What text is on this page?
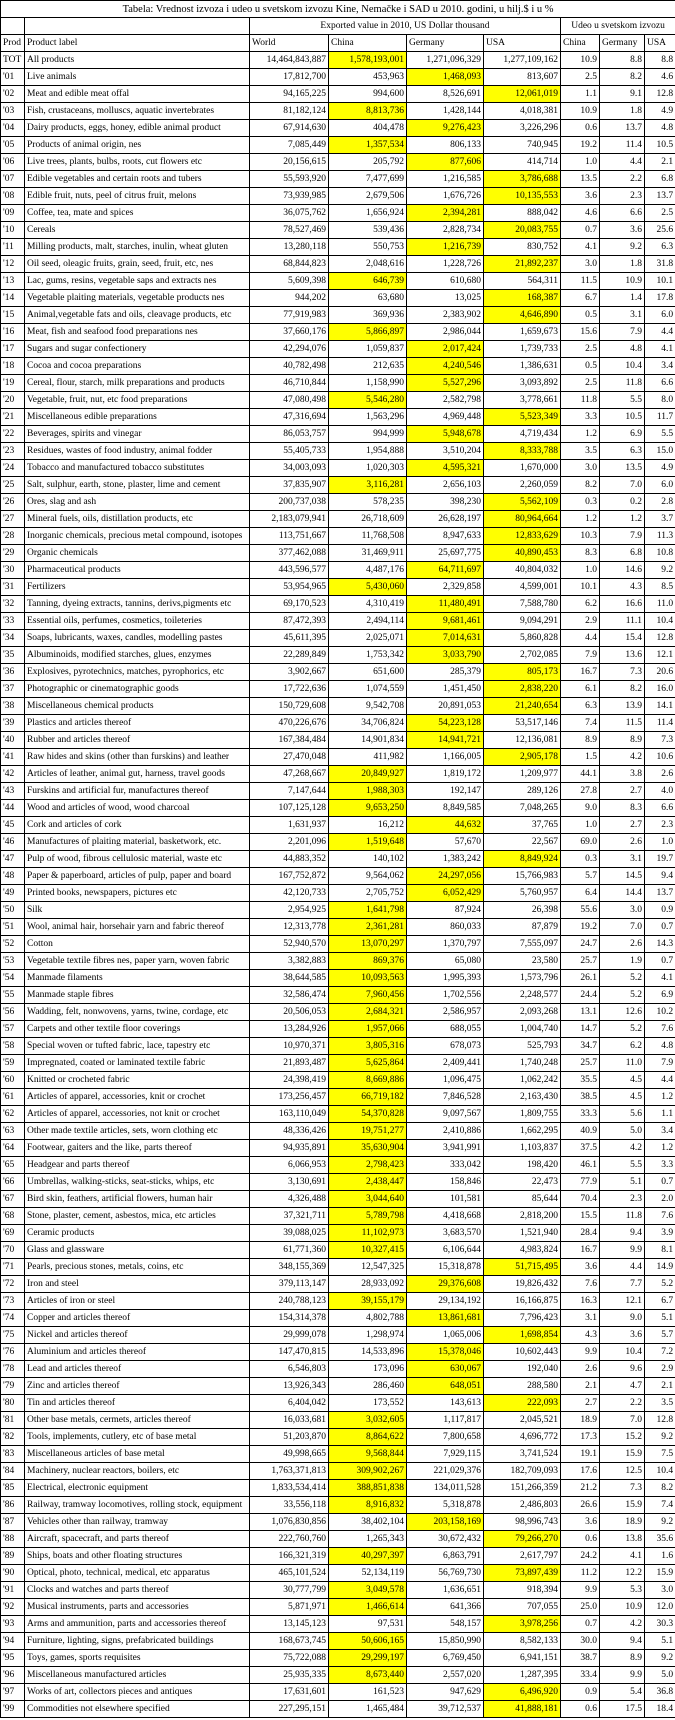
Tabela: Vrednost izvoza i udeo u svetskom izvozu Kine, Nemačke i SAD u 2010. godini, u hilj.$ i u %								
		Exported value in 2010, US Dollar thousand				Udeo u svetskom izvozu		
Prod	Product label	World	China	Germany	USA	China	Germany	USA
TOT	All products	14,464,843,887	1,578,193,001	1,271,096,329	1,277,109,162	10.9	8.8	8.8
'01	Live animals	17,812,700	453,963	1,468,093	813,607	2.5	8.2	4.6
'02	Meat and edible meat offal	94,165,225	994,600	8,526,691	12,061,019	1.1	9.1	12.8
'03	Fish, crustaceans, molluscs, aquatic invertebrates	81,182,124	8,813,736	1,428,144	4,018,381	10.9	1.8	4.9
'04	Dairy products, eggs, honey, edible animal product	67,914,630	404,478	9,276,423	3,226,296	0.6	13.7	4.8
'05	Products of animal origin, nes	7,085,449	1,357,534	806,133	740,945	19.2	11.4	10.5
'06	Live trees, plants, bulbs, roots, cut flowers etc	20,156,615	205,792	877,606	414,714	1.0	4.4	2.1
'07	Edible vegetables and certain roots and tubers	55,593,920	7,477,699	1,216,585	3,786,688	13.5	2.2	6.8
'08	Edible fruit, nuts, peel of citrus fruit, melons	73,939,985	2,679,506	1,676,726	10,135,553	3.6	2.3	13.7
'09	Coffee, tea, mate and spices	36,075,762	1,656,924	2,394,281	888,042	4.6	6.6	2.5
'10	Cereals	78,527,469	539,436	2,828,734	20,083,755	0.7	3.6	25.6
'11	Milling products, malt, starches, inulin, wheat gluten	13,280,118	550,753	1,216,739	830,752	4.1	9.2	6.3
'12	Oil seed, oleagic fruits, grain, seed, fruit, etc, nes	68,844,823	2,048,616	1,228,726	21,892,237	3.0	1.8	31.8
'13	Lac, gums, resins, vegetable saps and extracts nes	5,609,398	646,739	610,680	564,311	11.5	10.9	10.1
'14	Vegetable plaiting materials, vegetable products nes	944,202	63,680	13,025	168,387	6.7	1.4	17.8
'15	Animal,vegetable fats and oils, cleavage products, etc	77,919,983	369,936	2,383,902	4,646,890	0.5	3.1	6.0
'16	Meat, fish and seafood food preparations nes	37,660,176	5,866,897	2,986,044	1,659,673	15.6	7.9	4.4
'17	Sugars and sugar confectionery	42,294,076	1,059,837	2,017,424	1,739,733	2.5	4.8	4.1
'18	Cocoa and cocoa preparations	40,782,498	212,635	4,240,546	1,386,631	0.5	10.4	3.4
'19	Cereal, flour, starch, milk preparations and products	46,710,844	1,158,990	5,527,296	3,093,892	2.5	11.8	6.6
'20	Vegetable, fruit, nut, etc food preparations	47,080,498	5,546,280	2,582,798	3,778,661	11.8	5.5	8.0
'21	Miscellaneous edible preparations	47,316,694	1,563,296	4,969,448	5,523,349	3.3	10.5	11.7
'22	Beverages, spirits and vinegar	86,053,757	994,999	5,948,678	4,719,434	1.2	6.9	5.5
'23	Residues, wastes of food industry, animal fodder	55,405,733	1,954,888	3,510,204	8,333,788	3.5	6.3	15.0
'24	Tobacco and manufactured tobacco substitutes	34,003,093	1,020,303	4,595,321	1,670,000	3.0	13.5	4.9
'25	Salt, sulphur, earth, stone, plaster, lime and cement	37,835,907	3,116,281	2,656,103	2,260,059	8.2	7.0	6.0
'26	Ores, slag and ash	200,737,038	578,235	398,230	5,562,109	0.3	0.2	2.8
'27	Mineral fuels, oils, distillation products, etc	2,183,079,941	26,718,609	26,628,197	80,964,664	1.2	1.2	3.7
'28	Inorganic chemicals, precious metal compound, isotopes	113,751,667	11,768,508	8,947,633	12,833,629	10.3	7.9	11.3
'29	Organic chemicals	377,462,088	31,469,911	25,697,775	40,890,453	8.3	6.8	10.8
'30	Pharmaceutical products	443,596,577	4,487,176	64,711,697	40,804,032	1.0	14.6	9.2
'31	Fertilizers	53,954,965	5,430,060	2,329,858	4,599,001	10.1	4.3	8.5
'32	Tanning, dyeing extracts, tannins, derivs,pigments etc	69,170,523	4,310,419	11,480,491	7,588,780	6.2	16.6	11.0
'33	Essential oils, perfumes, cosmetics, toileteries	87,472,393	2,494,114	9,681,461	9,094,291	2.9	11.1	10.4
'34	Soaps, lubricants, waxes, candles, modelling pastes	45,611,395	2,025,071	7,014,631	5,860,828	4.4	15.4	12.8
'35	Albuminoids, modified starches, glues, enzymes	22,289,849	1,753,342	3,033,790	2,702,085	7.9	13.6	12.1
'36	Explosives, pyrotechnics, matches, pyrophorics, etc	3,902,667	651,600	285,379	805,173	16.7	7.3	20.6
'37	Photographic or cinematographic goods	17,722,636	1,074,559	1,451,450	2,838,220	6.1	8.2	16.0
'38	Miscellaneous chemical products	150,729,608	9,542,708	20,891,053	21,240,654	6.3	13.9	14.1
'39	Plastics and articles thereof	470,226,676	34,706,824	54,223,128	53,517,146	7.4	11.5	11.4
'40	Rubber and articles thereof	167,384,484	14,901,834	14,941,721	12,136,081	8.9	8.9	7.3
'41	Raw hides and skins (other than furskins) and leather	27,470,048	411,982	1,166,005	2,905,178	1.5	4.2	10.6
'42	Articles of leather, animal gut, harness, travel goods	47,268,667	20,849,927	1,819,172	1,209,977	44.1	3.8	2.6
'43	Furskins and artificial fur, manufactures thereof	7,147,644	1,988,303	192,147	289,126	27.8	2.7	4.0
'44	Wood and articles of wood, wood charcoal	107,125,128	9,653,250	8,849,585	7,048,265	9.0	8.3	6.6
'45	Cork and articles of cork	1,631,937	16,212	44,632	37,765	1.0	2.7	2.3
'46	Manufactures of plaiting material, basketwork, etc.	2,201,096	1,519,648	57,670	22,567	69.0	2.6	1.0
'47	Pulp of wood, fibrous cellulosic material, waste etc	44,883,352	140,102	1,383,242	8,849,924	0.3	3.1	19.7
'48	Paper & paperboard, articles of pulp, paper and board	167,752,872	9,564,062	24,297,056	15,766,983	5.7	14.5	9.4
'49	Printed books, newspapers, pictures etc	42,120,733	2,705,752	6,052,429	5,760,957	6.4	14.4	13.7
'50	Silk	2,954,925	1,641,798	87,924	26,398	55.6	3.0	0.9
'51	Wool, animal hair, horsehair yarn and fabric thereof	12,313,778	2,361,281	860,033	87,879	19.2	7.0	0.7
'52	Cotton	52,940,570	13,070,297	1,370,797	7,555,097	24.7	2.6	14.3
'53	Vegetable textile fibres nes, paper yarn, woven fabric	3,382,883	869,376	65,080	23,580	25.7	1.9	0.7
'54	Manmade filaments	38,644,585	10,093,563	1,995,393	1,573,796	26.1	5.2	4.1
'55	Manmade staple fibres	32,586,474	7,960,456	1,702,556	2,248,577	24.4	5.2	6.9
'56	Wadding, felt, nonwovens, yarns, twine, cordage, etc	20,506,053	2,684,321	2,586,957	2,093,268	13.1	12.6	10.2
'57	Carpets and other textile floor coverings	13,284,926	1,957,066	688,055	1,004,740	14.7	5.2	7.6
'58	Special woven or tufted fabric, lace, tapestry etc	10,970,371	3,805,316	678,073	525,793	34.7	6.2	4.8
'59	Impregnated, coated or laminated textile fabric	21,893,487	5,625,864	2,409,441	1,740,248	25.7	11.0	7.9
'60	Knitted or crocheted fabric	24,398,419	8,669,886	1,096,475	1,062,242	35.5	4.5	4.4
'61	Articles of apparel, accessories, knit or crochet	173,256,457	66,719,182	7,846,528	2,163,430	38.5	4.5	1.2
'62	Articles of apparel, accessories, not knit or crochet	163,110,049	54,370,828	9,097,567	1,809,755	33.3	5.6	1.1
'63	Other made textile articles, sets, worn clothing etc	48,336,426	19,751,277	2,410,886	1,662,295	40.9	5.0	3.4
'64	Footwear, gaiters and the like, parts thereof	94,935,891	35,630,904	3,941,991	1,103,837	37.5	4.2	1.2
'65	Headgear and parts thereof	6,066,953	2,798,423	333,042	198,420	46.1	5.5	3.3
'66	Umbrellas, walking-sticks, seat-sticks, whips, etc	3,130,691	2,438,447	158,846	22,473	77.9	5.1	0.7
'67	Bird skin, feathers, artificial flowers, human hair	4,326,488	3,044,640	101,581	85,644	70.4	2.3	2.0
'68	Stone, plaster, cement, asbestos, mica, etc articles	37,321,711	5,789,798	4,418,668	2,818,200	15.5	11.8	7.6
'69	Ceramic products	39,088,025	11,102,973	3,683,570	1,521,940	28.4	9.4	3.9
'70	Glass and glassware	61,771,360	10,327,415	6,106,644	4,983,824	16.7	9.9	8.1
'71	Pearls, precious stones, metals, coins, etc	348,155,369	12,547,325	15,318,878	51,715,495	3.6	4.4	14.9
'72	Iron and steel	379,113,147	28,933,092	29,376,608	19,826,432	7.6	7.7	5.2
'73	Articles of iron or steel	240,788,123	39,155,179	29,134,192	16,166,875	16.3	12.1	6.7
'74	Copper and articles thereof	154,314,378	4,802,788	13,861,681	7,796,423	3.1	9.0	5.1
'75	Nickel and articles thereof	29,999,078	1,298,974	1,065,006	1,698,854	4.3	3.6	5.7
'76	Aluminium and articles thereof	147,470,815	14,533,896	15,378,046	10,602,443	9.9	10.4	7.2
'78	Lead and articles thereof	6,546,803	173,096	630,067	192,040	2.6	9.6	2.9
'79	Zinc and articles thereof	13,926,343	286,460	648,051	288,580	2.1	4.7	2.1
'80	Tin and articles thereof	6,404,042	173,552	143,613	222,093	2.7	2.2	3.5
'81	Other base metals, cermets, articles thereof	16,033,681	3,032,605	1,117,817	2,045,521	18.9	7.0	12.8
'82	Tools, implements, cutlery, etc of base metal	51,203,870	8,864,622	7,800,658	4,696,772	17.3	15.2	9.2
'83	Miscellaneous articles of base metal	49,998,665	9,568,844	7,929,115	3,741,524	19.1	15.9	7.5
'84	Machinery, nuclear reactors, boilers, etc	1,763,371,813	309,902,267	221,029,376	182,709,093	17.6	12.5	10.4
'85	Electrical, electronic equipment	1,833,534,414	388,851,838	134,011,528	151,266,359	21.2	7.3	8.2
'86	Railway, tramway locomotives, rolling stock, equipment	33,556,118	8,916,832	5,318,878	2,486,803	26.6	15.9	7.4
'87	Vehicles other than railway, tramway	1,076,830,856	38,402,104	203,158,169	98,996,743	3.6	18.9	9.2
'88	Aircraft, spacecraft, and parts thereof	222,760,760	1,265,343	30,672,432	79,266,270	0.6	13.8	35.6
'89	Ships, boats and other floating structures	166,321,319	40,297,397	6,863,791	2,617,797	24.2	4.1	1.6
'90	Optical, photo, technical, medical, etc apparatus	465,101,524	52,134,119	56,769,730	73,897,439	11.2	12.2	15.9
'91	Clocks and watches and parts thereof	30,777,799	3,049,578	1,636,651	918,394	9.9	5.3	3.0
'92	Musical instruments, parts and accessories	5,871,971	1,466,614	641,366	707,055	25.0	10.9	12.0
'93	Arms and ammunition, parts and accessories thereof	13,145,123	97,531	548,157	3,978,256	0.7	4.2	30.3
'94	Furniture, lighting, signs, prefabricated buildings	168,673,745	50,606,165	15,850,990	8,582,133	30.0	9.4	5.1
'95	Toys, games, sports requisites	75,722,088	29,299,197	6,769,450	6,941,151	38.7	8.9	9.2
'96	Miscellaneous manufactured articles	25,935,335	8,673,440	2,557,020	1,287,395	33.4	9.9	5.0
'97	Works of art, collectors pieces and antiques	17,631,601	161,523	947,629	6,496,920	0.9	5.4	36.8
'99	Commodities not elsewhere specified	227,295,151	1,465,484	39,712,537	41,888,181	0.6	17.5	18.4
